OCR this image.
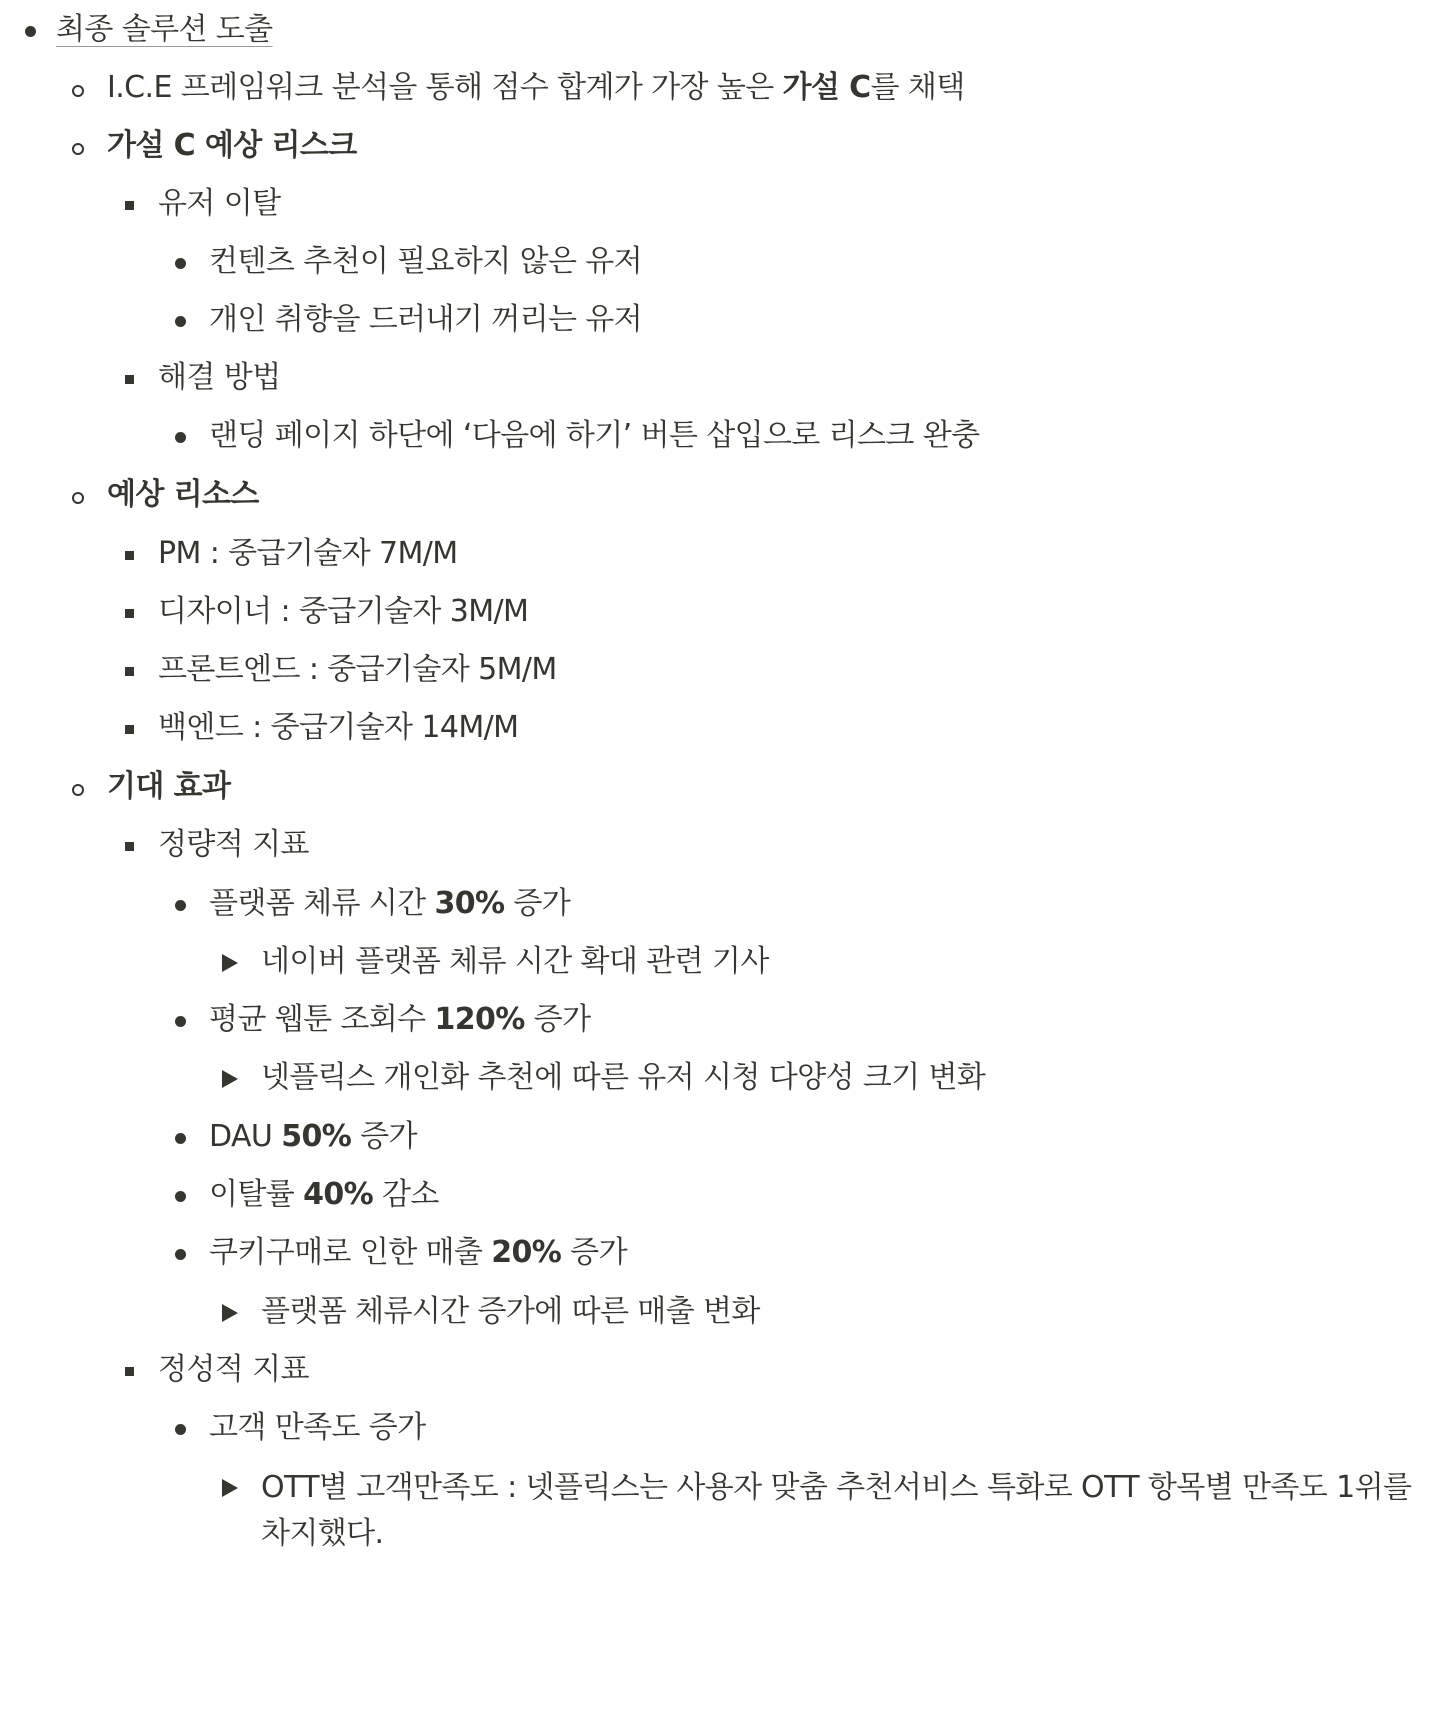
최종 솔루션 도출
I.C.E 프레임워크 분석을 통해 점수 합계가 가장 높은 가설 C를 채택
가설 C 예상 리스크
유저 이탈
컨텐츠 추천이 필요하지 않은 유저
개인 취향을 드러내기 꺼리는 유저
해결 방법
랜딩 페이지 하단에 ‘다음에 하기’ 버튼 삽입으로 리스크 완충
예상 리소스
PM : 중급기술자 7M/M
디자이너 : 중급기술자 3M/M
프론트엔드 : 중급기술자 5M/M
백엔드 : 중급기술자 14M/M
기대 효과
정량적 지표
플랫폼 체류 시간 30% 증가
네이버 플랫폼 체류 시간 확대 관련 기사
평균 웹툰 조회수 120% 증가
넷플릭스 개인화 추천에 따른 유저 시청 다양성 크기 변화
DAU 50% 증가
이탈률 40% 감소
쿠키구매로 인한 매출 20% 증가
플랫폼 체류시간 증가에 따른 매출 변화
정성적 지표
고객 만족도 증가
OTT별 고객만족도 : 넷플릭스는 사용자 맞춤 추천서비스 특화로 OTT 항목별 만족도 1위를 차지했다.
